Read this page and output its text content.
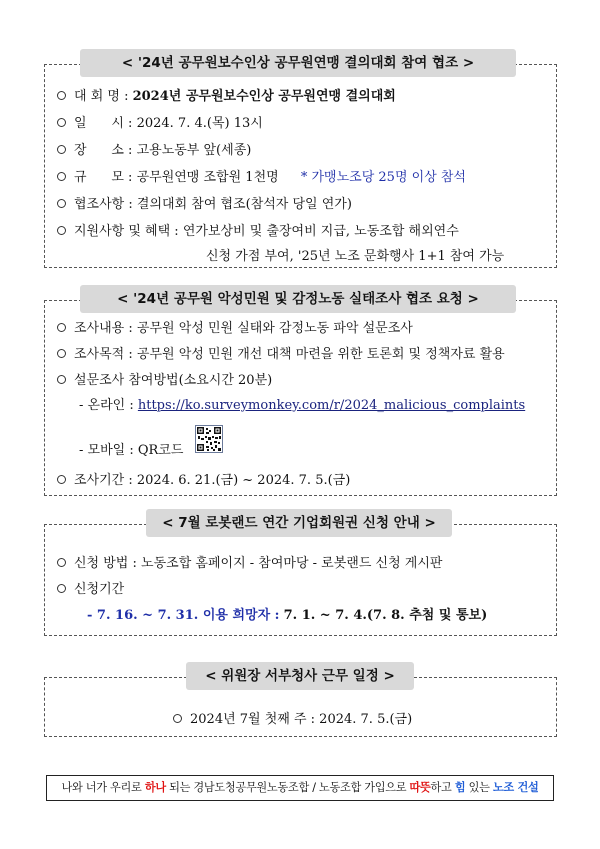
대 회 명 : 2024년 공무원보수인상 공무원연맹 결의대회
일      시 : 2024. 7. 4.(목) 13시
장      소 : 고용노동부 앞(세종)
규      모 : 공무원연맹 조합원 1천명 * 가맹노조당 25명 이상 참석
협조사항 : 결의대회 참여 협조(참석자 당일 연가)
지원사항 및 혜택 : 연가보상비 및 출장여비 지급, 노동조합 해외연수
신청 가점 부여, '25년 노조 문화행사 1+1 참여 가능
< '24년 공무원보수인상 공무원연맹 결의대회 참여 협조 >
조사내용 : 공무원 악성 민원 실태와 감정노동 파악 설문조사
조사목적 : 공무원 악성 민원 개선 대책 마련을 위한 토론회 및 정책자료 활용
설문조사 참여방법(소요시간 20분)
- 온라인 : https://ko.surveymonkey.com/r/2024_malicious_complaints
- 모바일 : QR코드
조사기간 : 2024. 6. 21.(금) ~ 2024. 7. 5.(금)
< '24년 공무원 악성민원 및 감정노동 실태조사 협조 요청 >
신청 방법 : 노동조합 홈페이지 - 참여마당 - 로봇랜드 신청 게시판
신청기간
- 7. 16. ~ 7. 31. 이용 희망자 : 7. 1. ~ 7. 4.(7. 8. 추첨 및 통보)
< 7월 로봇랜드 연간 기업회원권 신청 안내 >
2024년 7월 첫째 주 : 2024. 7. 5.(금)
< 위원장 서부청사 근무 일정 >
나와 너가 우리로 하나 되는 경남도청공무원노동조합 / 노동조합 가입으로 따뜻하고 힘 있는 노조 건설
